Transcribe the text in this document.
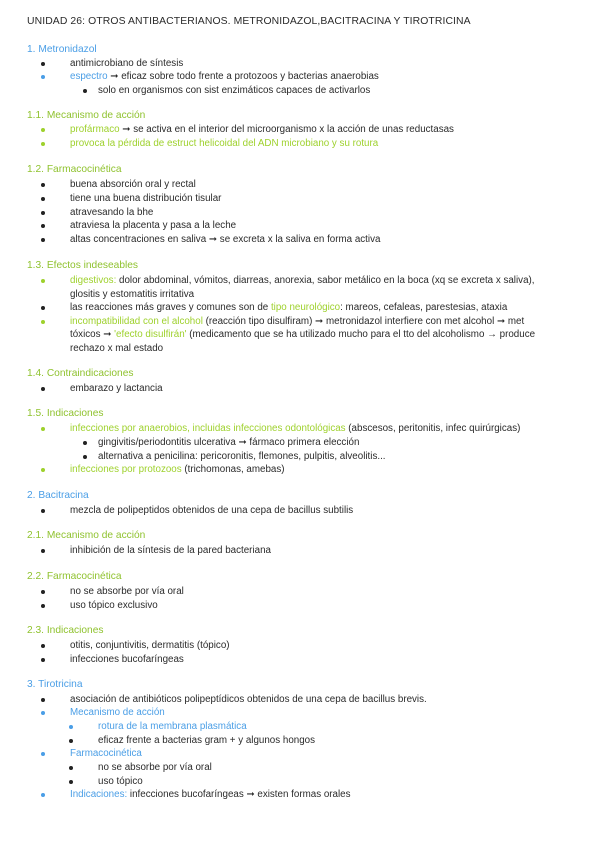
UNIDAD 26: OTROS ANTIBACTERIANOS. METRONIDAZOL,BACITRACINA Y TIROTRICINA
1. Metronidazol
antimicrobiano de síntesis
espectro ➞ eficaz sobre todo frente a protozoos y bacterias anaerobias
solo en organismos con sist enzimáticos capaces de activarlos
1.1. Mecanismo de acción
profármaco ➞ se activa en el interior del microorganismo x la acción de unas reductasas
provoca la pérdida de estruct helicoidal del ADN microbiano y su rotura
1.2. Farmacocinética
buena absorción oral y rectal
tiene una buena distribución tisular
atravesando la bhe
atraviesa la placenta y pasa a la leche
altas concentraciones en saliva ➞ se excreta x la saliva en forma activa
1.3. Efectos indeseables
digestivos: dolor abdominal, vómitos, diarreas, anorexia, sabor metálico en la boca (xq se excreta x saliva),
glositis y estomatitis irritativa
las reacciones más graves y comunes son de tipo neurológico: mareos, cefaleas, parestesias, ataxia
incompatibilidad con el alcohol (reacción tipo disulfiram) ➞ metronidazol interfiere con met alcohol ➞ met
tóxicos ➞ 'efecto disulfirán' (medicamento que se ha utilizado mucho para el tto del alcoholismo → produce
rechazo x mal estado
1.4. Contraindicaciones
embarazo y lactancia
1.5. Indicaciones
infecciones por anaerobios, incluidas infecciones odontológicas (abscesos, peritonitis, infec quirúrgicas)
gingivitis/periodontitis ulcerativa ➞ fármaco primera elección
alternativa a penicilina: pericoronitis, flemones, pulpitis, alveolitis...
infecciones por protozoos (trichomonas, amebas)
2. Bacitracina
mezcla de polipeptidos obtenidos de una cepa de bacillus subtilis
2.1. Mecanismo de acción
inhibición de la síntesis de la pared bacteriana
2.2. Farmacocinética
no se absorbe por vía oral
uso tópico exclusivo
2.3. Indicaciones
otitis, conjuntivitis, dermatitis (tópico)
infecciones bucofaríngeas
3. Tirotricina
asociación de antibióticos polipeptídicos obtenidos de una cepa de bacillus brevis.
Mecanismo de acción
rotura de la membrana plasmática
eficaz frente a bacterias gram + y algunos hongos
Farmacocinética
no se absorbe por vía oral
uso tópico
Indicaciones: infecciones bucofaríngeas ➞ existen formas orales
